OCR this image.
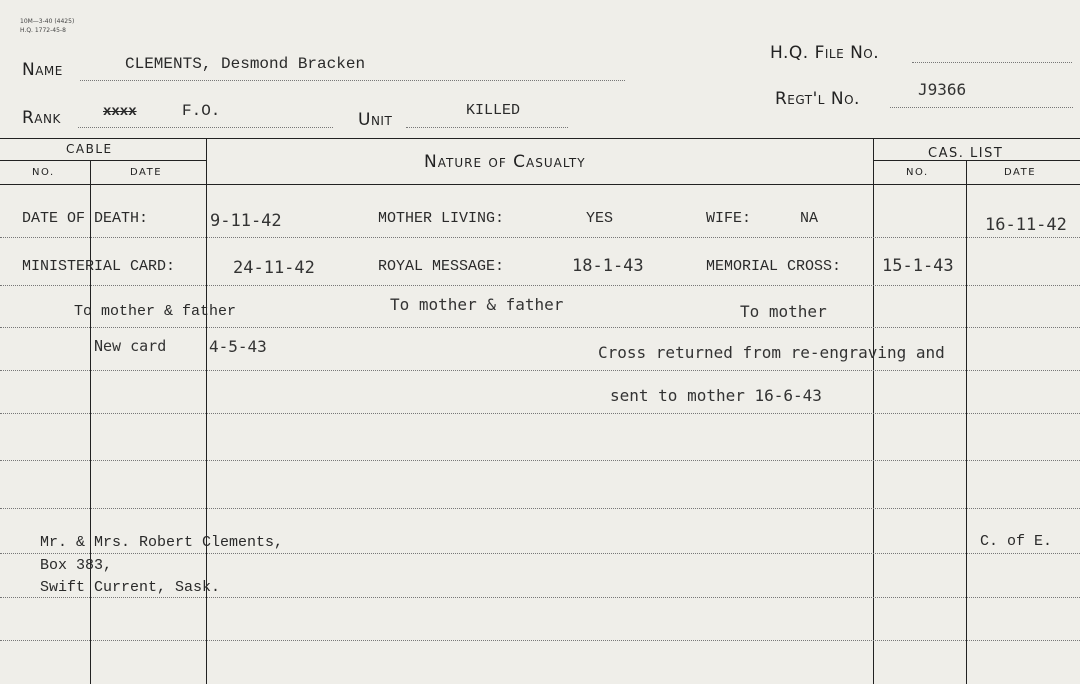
10M—3-40 (4425)
H.Q. 1772-45-8
Name	CLEMENTS, Desmond Bracken
H.Q. File No.
Rank	xxxx	F.O.	Unit	KILLED
Regt'l No.	J9366
CABLE
NO.	DATE
Nature of Casualty	CAS. LIST
NO.	DATE
DATE OF DEATH:	9-11-42	MOTHER LIVING:	YES	WIFE:	NA	16-11-42
MINISTERIAL CARD:	24-11-42	ROYAL MESSAGE:	18-1-43	MEMORIAL CROSS: 15-1-43
To mother & father	To mother & father	To mother
New card	4-5-43	Cross returned from re-engraving and
sent to mother 16-6-43
Mr. & Mrs. Robert Clements,
Box 383,
Swift Current, Sask.
C. of E.
